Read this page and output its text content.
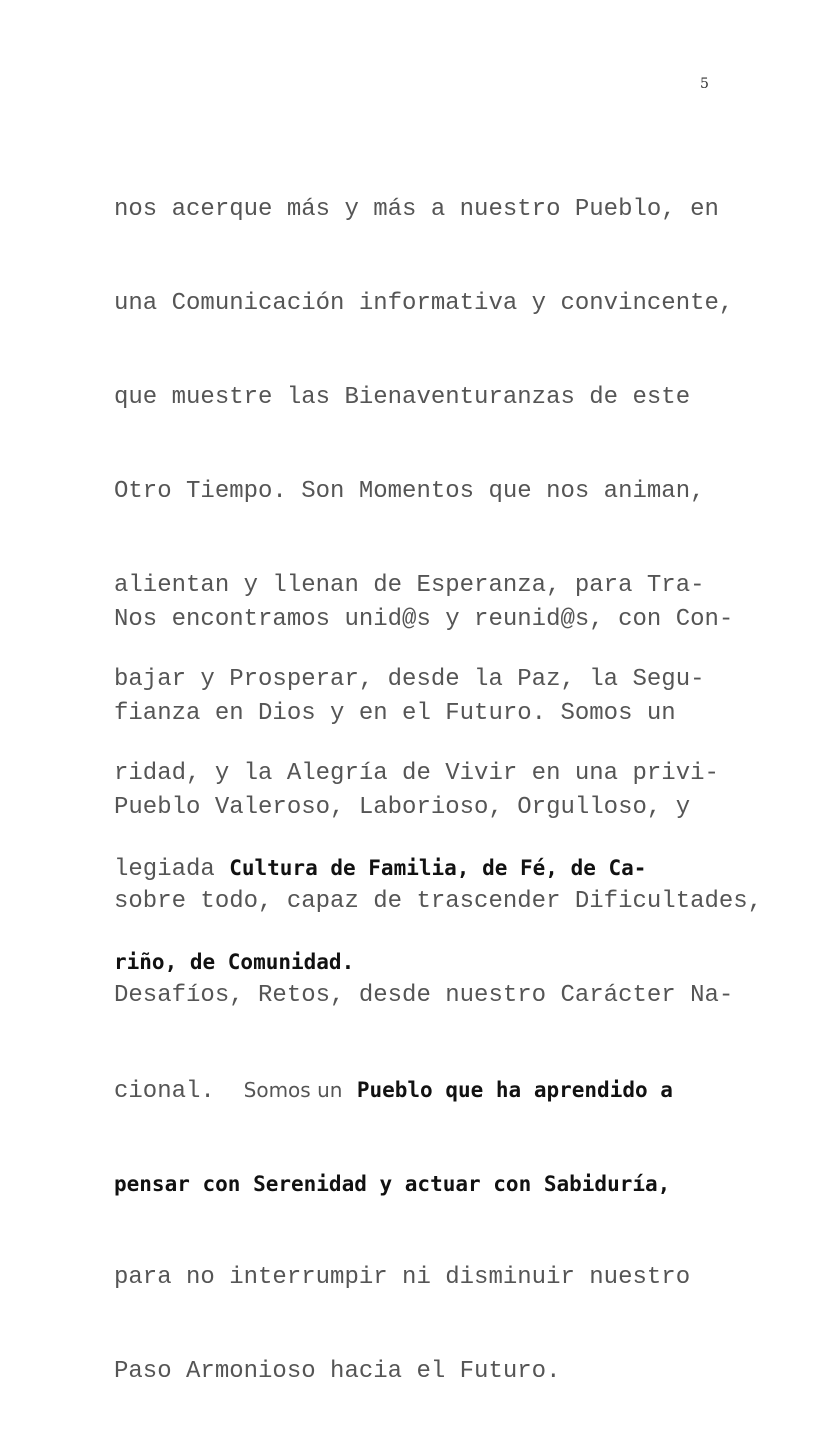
5

nos acerque más y más a nuestro Pueblo, en

una Comunicación informativa y convincente,

que muestre las Bienaventuranzas de este

Otro Tiempo. Son Momentos que nos animan,

alientan y llenan de Esperanza, para Tra-

bajar y Prosperar, desde la Paz, la Segu-

ridad, y la Alegría de Vivir en una privi-

legiada Cultura de Familia, de Fé, de Ca-

riño, de Comunidad.

Nos encontramos unid@s y reunid@s, con Con-

fianza en Dios y en el Futuro. Somos un

Pueblo Valeroso, Laborioso, Orgulloso, y

sobre todo, capaz de trascender Dificultades,

Desafíos, Retos, desde nuestro Carácter Na-

cional. Somos un Pueblo que ha aprendido a

pensar con Serenidad y actuar con Sabiduría,

para no interrumpir ni disminuir nuestro

Paso Armonioso hacia el Futuro.
